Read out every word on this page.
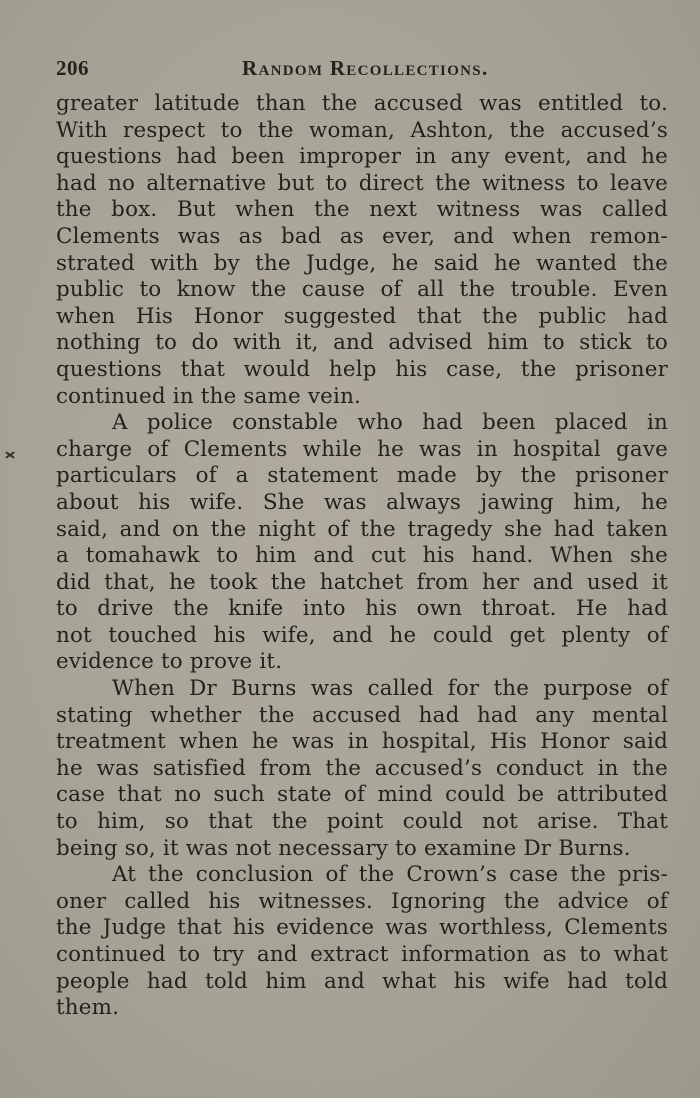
206	Random Recollections.
greater latitude than the accused was entitled to.
With respect to the woman, Ashton, the accused’s
questions had been improper in any event, and he
had no alternative but to direct the witness to leave
the box. But when the next witness was called
Clements was as bad as ever, and when remon-
strated with by the Judge, he said he wanted the
public to know the cause of all the trouble. Even
when His Honor suggested that the public had
nothing to do with it, and advised him to stick to
questions that would help his case, the prisoner
continued in the same vein.
A police constable who had been placed in
charge of Clements while he was in hospital gave
particulars of a statement made by the prisoner
about his wife. She was always jawing him, he
said, and on the night of the tragedy she had taken
a tomahawk to him and cut his hand. When she
did that, he took the hatchet from her and used it
to drive the knife into his own throat. He had
not touched his wife, and he could get plenty of
evidence to prove it.
When Dr Burns was called for the purpose of
stating whether the accused had had any mental
treatment when he was in hospital, His Honor said
he was satisfied from the accused’s conduct in the
case that no such state of mind could be attributed
to him, so that the point could not arise. That
being so, it was not necessary to examine Dr Burns.
At the conclusion of the Crown’s case the pris-
oner called his witnesses. Ignoring the advice of
the Judge that his evidence was worthless, Clements
continued to try and extract information as to what
people had told him and what his wife had told
them.
